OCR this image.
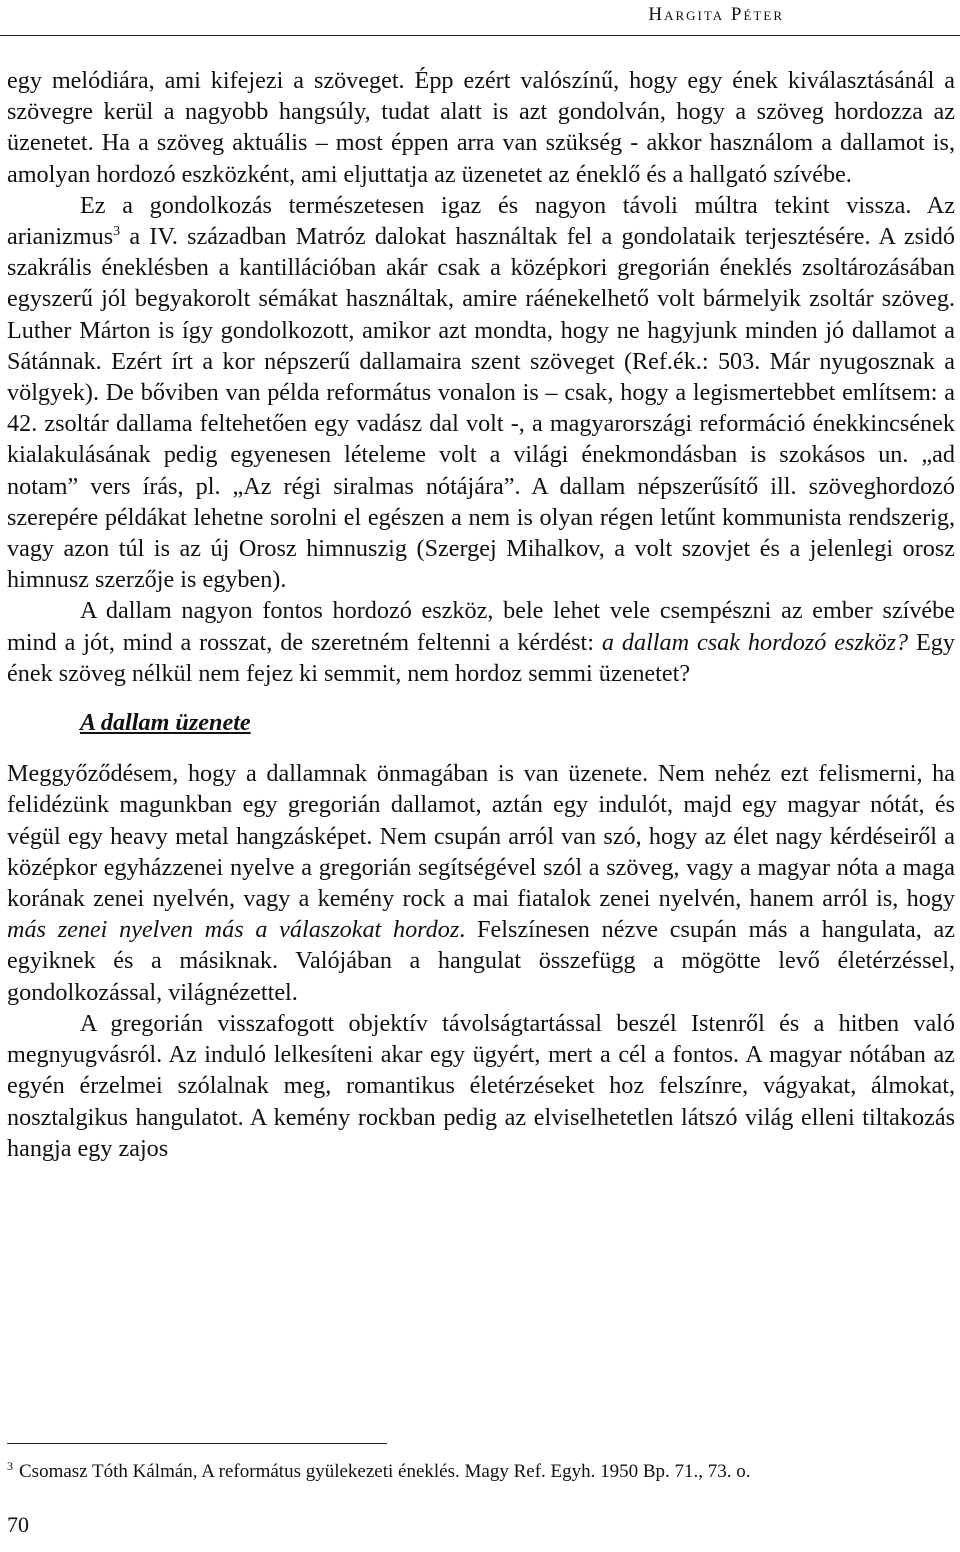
Hargita Péter

egy melódiára, ami kifejezi a szöveget. Épp ezért valószínű, hogy egy ének kiválasztásánál a szövegre kerül a nagyobb hangsúly, tudat alatt is azt gondolván, hogy a szöveg hordozza az üzenetet. Ha a szöveg aktuális – most éppen arra van szükség - akkor használom a dallamot is, amolyan hordozó eszközként, ami eljuttatja az üzenetet az éneklő és a hallgató szívébe.

Ez a gondolkozás természetesen igaz és nagyon távoli múltra tekint vissza. Az arianizmus$^3$ a IV. században Matróz dalokat használtak fel a gondolataik terjesztésére. A zsidó szakrális éneklésben a kantillációban akár csak a középkori gregorián éneklés zsoltározásában egyszerű jól begyakorolt sémákat használtak, amire ráénekelhető volt bármelyik zsoltár szöveg. Luther Márton is így gondolkozott, amikor azt mondta, hogy ne hagyjunk minden jó dallamot a Sátánnak. Ezért írt a kor népszerű dallamaira szent szöveget (Ref.ék.: 503. Már nyugosznak a völgyek). De bőviben van példa református vonalon is – csak, hogy a legismertebbet említsem: a 42. zsoltár dallama feltehetően egy vadász dal volt -, a magyarországi reformáció énekkincsének kialakulásának pedig egyenesen lételeme volt a világi énekmondásban is szokásos un. „ad notam” vers írás, pl. „Az régi siralmas nótájára”. A dallam népszerűsítő ill. szöveghordozó szerepére példákat lehetne sorolni el egészen a nem is olyan régen letűnt kommunista rendszerig, vagy azon túl is az új Orosz himnuszig (Szergej Mihalkov, a volt szovjet és a jelenlegi orosz himnusz szerzője is egyben).

A dallam nagyon fontos hordozó eszköz, bele lehet vele csempészni az ember szívébe mind a jót, mind a rosszat, de szeretném feltenni a kérdést: a dallam csak hordozó eszköz? Egy ének szöveg nélkül nem fejez ki semmit, nem hordoz semmi üzenetet?

A dallam üzenete

Meggyőződésem, hogy a dallamnak önmagában is van üzenete. Nem nehéz ezt felismerni, ha felidézünk magunkban egy gregorián dallamot, aztán egy indulót, majd egy magyar nótát, és végül egy heavy metal hangzásképet. Nem csupán arról van szó, hogy az élet nagy kérdéseiről a középkor egyházzenei nyelve a gregorián segítségével szól a szöveg, vagy a magyar nóta a maga korának zenei nyelvén, vagy a kemény rock a mai fiatalok zenei nyelvén, hanem arról is, hogy más zenei nyelven más a válaszokat hordoz. Felszínesen nézve csupán más a hangulata, az egyiknek és a másiknak. Valójában a hangulat összefügg a mögötte levő életérzéssel, gondolkozással, világnézettel.

A gregorián visszafogott objektív távolságtartással beszél Istenről és a hitben való megnyugvásról. Az induló lelkesíteni akar egy ügyért, mert a cél a fontos. A magyar nótában az egyén érzelmei szólalnak meg, romantikus életérzéseket hoz felszínre, vágyakat, álmokat, nosztalgikus hangulatot. A kemény rockban pedig az elviselhetetlen látszó világ elleni tiltakozás hangja egy zajos

$^3$ Csomasz Tóth Kálmán, A református gyülekezeti éneklés. Magy Ref. Egyh. 1950 Bp. 71., 73. o.
70
